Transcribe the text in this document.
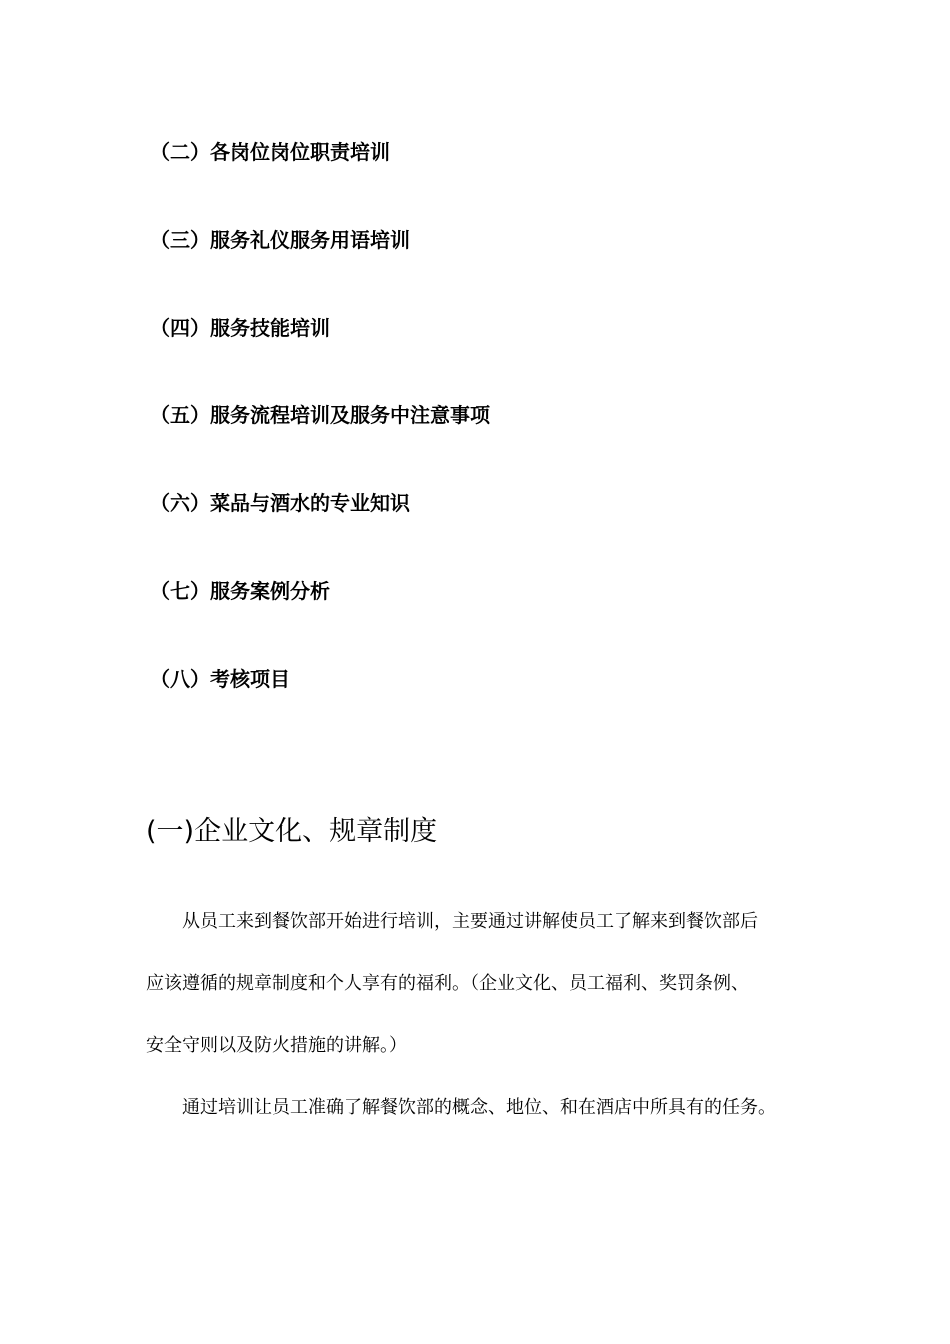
（二）各岗位岗位职责培训
（三）服务礼仪服务用语培训
（四）服务技能培训
（五）服务流程培训及服务中注意事项
（六）菜品与酒水的专业知识
（七）服务案例分析
（八）考核项目
(一)企业文化、规章制度
从员工来到餐饮部开始进行培训，主要通过讲解使员工了解来到餐饮部后
应该遵循的规章制度和个人享有的福利。（企业文化、员工福利、奖罚条例、
安全守则以及防火措施的讲解。）
通过培训让员工准确了解餐饮部的概念、地位、和在酒店中所具有的任务。
